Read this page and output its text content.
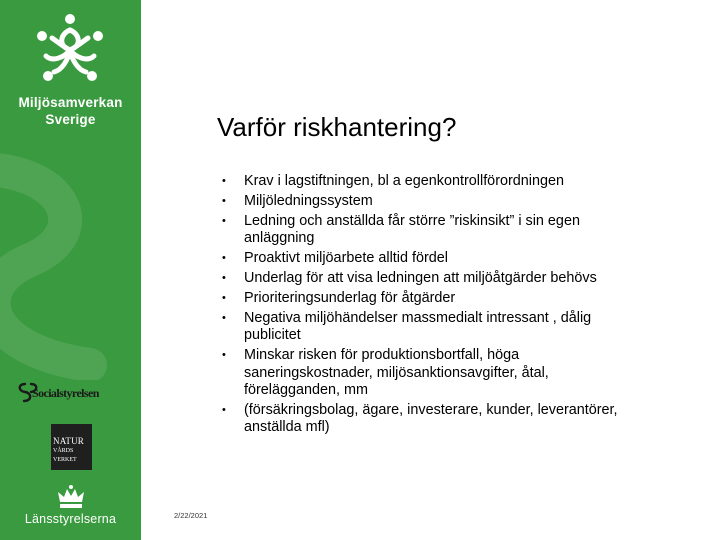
Miljösamverkan
Sverige
Socialstyrelsen
NATUR
VÅRDS
VERKET
Länsstyrelserna
Varför riskhantering?
• Krav i lagstiftningen, bl a egenkontrollförordningen
• Miljöledningssystem
• Ledning och anställda får större ”riskinsikt” i sin egen anläggning
• Proaktivt miljöarbete alltid fördel
• Underlag för att visa ledningen att miljöåtgärder behövs
• Prioriteringsunderlag för åtgärder
• Negativa miljöhändelser massmedialt intressant , dålig publicitet
• Minskar risken för produktionsbortfall, höga saneringskostnader, miljösanktionsavgifter, åtal, förelägganden, mm
• (försäkringsbolag, ägare, investerare, kunder, leverantörer, anställda mfl)
2/22/2021
